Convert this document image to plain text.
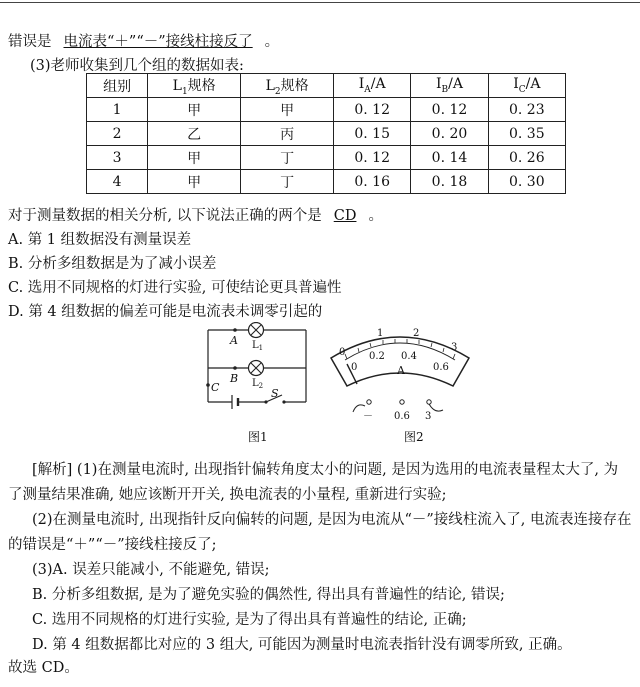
错误是 电流表“＋”“－”接线柱接反了 。
(3)老师收集到几个组的数据如表:
组别	$L_1$规格	$L_2$规格	$I_A/A$	$I_B/A$	$I_C/A$
1	甲	甲	0. 12	0. 12	0. 23
2	乙	丙	0. 15	0. 20	0. 35
3	甲	丁	0. 12	0. 14	0. 26
4	甲	丁	0. 16	0. 18	0. 30
对于测量数据的相关分析, 以下说法正确的两个是 CD 。
A. 第 1 组数据没有测量误差
B. 分析多组数据是为了减小误差
C. 选用不同规格的灯进行实验, 可使结论更具普遍性
D. 第 4 组数据的偏差可能是电流表未调零引起的
A
B
C	S
$L_1$
$L_2$
图1
0
1	2
3
0
0.2 0.4
0.6
A
－ 0.6 3
图2
[解析] (1)在测量电流时, 出现指针偏转角度太小的问题, 是因为选用的电流表量程太大了, 为了测量结果准确, 她应该断开开关, 换电流表的小量程, 重新进行实验;
(2)在测量电流时, 出现指针反向偏转的问题, 是因为电流从“－”接线柱流入了, 电流表连接存在的错误是“＋”“－”接线柱接反了;
(3)A. 误差只能减小, 不能避免, 错误;
B. 分析多组数据, 是为了避免实验的偶然性, 得出具有普遍性的结论, 错误;
C. 选用不同规格的灯进行实验, 是为了得出具有普遍性的结论, 正确;
D. 第 4 组数据都比对应的 3 组大, 可能因为测量时电流表指针没有调零所致, 正确。
故选 CD。
